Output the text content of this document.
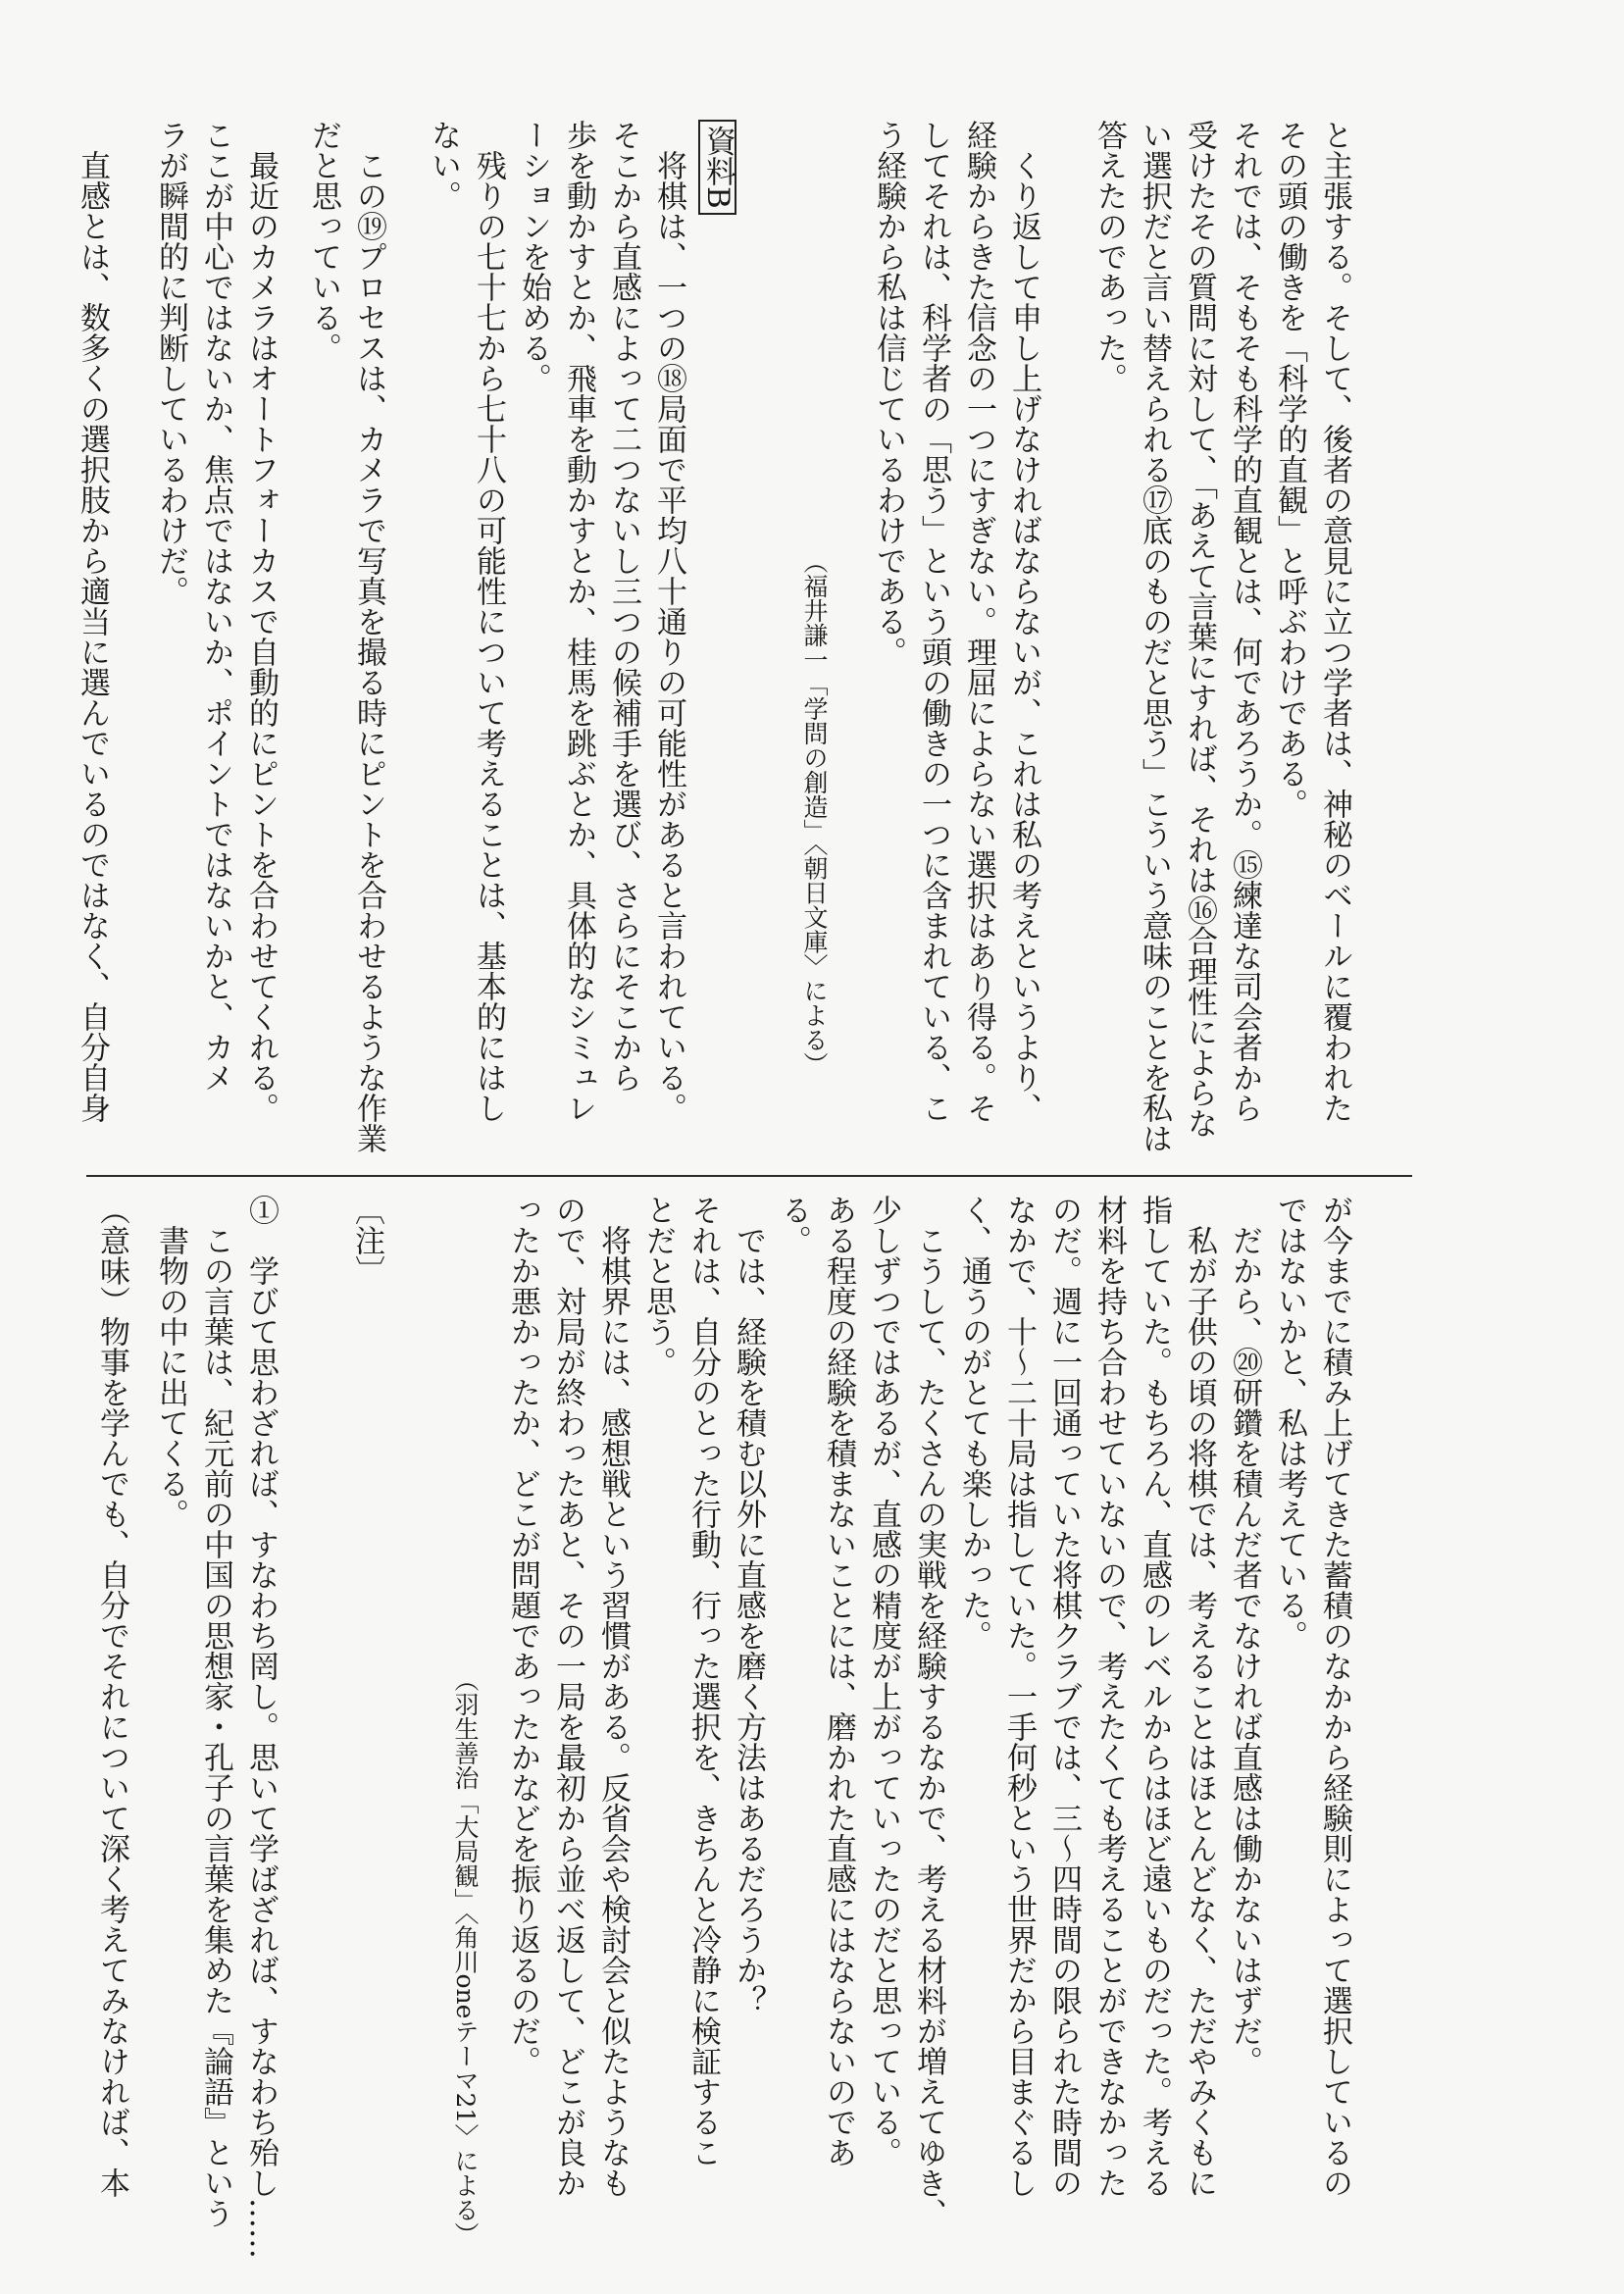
と主張する。そして、後者の意見に立つ学者は、神秘のベールに覆われた
その頭の働きを「科学的直観」と呼ぶわけである。
それでは、そもそも科学的直観とは、何であろうか。⑮練達な司会者から
受けたその質問に対して、「あえて言葉にすれば、それは⑯合理性によらな
い選択だと言い替えられる⑰底のものだと思う」こういう意味のことを私は
答えたのであった。
くり返して申し上げなければならないが、これは私の考えというより、
経験からきた信念の一つにすぎない。理屈によらない選択はあり得る。そ
してそれは、科学者の「思う」という頭の働きの一つに含まれている、こ
う経験から私は信じているわけである。
（福井謙一「学問の創造」〈朝日文庫〉による）
資料B
将棋は、一つの⑱局面で平均八十通りの可能性があると言われている。
そこから直感によって二つないし三つの候補手を選び、さらにそこから
歩を動かすとか、飛車を動かすとか、桂馬を跳ぶとか、具体的なシミュレ
ーションを始める。
残りの七十七から七十八の可能性について考えることは、基本的にはし
ない。
この⑲プロセスは、カメラで写真を撮る時にピントを合わせるような作業
だと思っている。
最近のカメラはオートフォーカスで自動的にピントを合わせてくれる。
ここが中心ではないか、焦点ではないか、ポイントではないかと、カメ
ラが瞬間的に判断しているわけだ。
直感とは、数多くの選択肢から適当に選んでいるのではなく、自分自身
が今までに積み上げてきた蓄積のなかから経験則によって選択しているの
ではないかと、私は考えている。
だから、⑳研鑽を積んだ者でなければ直感は働かないはずだ。
私が子供の頃の将棋では、考えることはほとんどなく、ただやみくもに
指していた。もちろん、直感のレベルからはほど遠いものだった。考える
材料を持ち合わせていないので、考えたくても考えることができなかった
のだ。週に一回通っていた将棋クラブでは、三〜四時間の限られた時間の
なかで、十〜二十局は指していた。一手何秒という世界だから目まぐるし
く、通うのがとても楽しかった。
こうして、たくさんの実戦を経験するなかで、考える材料が増えてゆき、
少しずつではあるが、直感の精度が上がっていったのだと思っている。
ある程度の経験を積まないことには、磨かれた直感にはならないのであ
る。
では、経験を積む以外に直感を磨く方法はあるだろうか？
それは、自分のとった行動、行った選択を、きちんと冷静に検証するこ
とだと思う。
将棋界には、感想戦という習慣がある。反省会や検討会と似たようなも
ので、対局が終わったあと、その一局を最初から並べ返して、どこが良か
ったか悪かったか、どこが問題であったかなどを振り返るのだ。
（羽生善治「大局観」〈角川oneテーマ21〉による）
〔注〕
①　学びて思わざれば、すなわち罔し。思いて学ばざれば、すなわち殆し……
この言葉は、紀元前の中国の思想家・孔子の言葉を集めた『論語』という
書物の中に出てくる。
（意味）物事を学んでも、自分でそれについて深く考えてみなければ、本
